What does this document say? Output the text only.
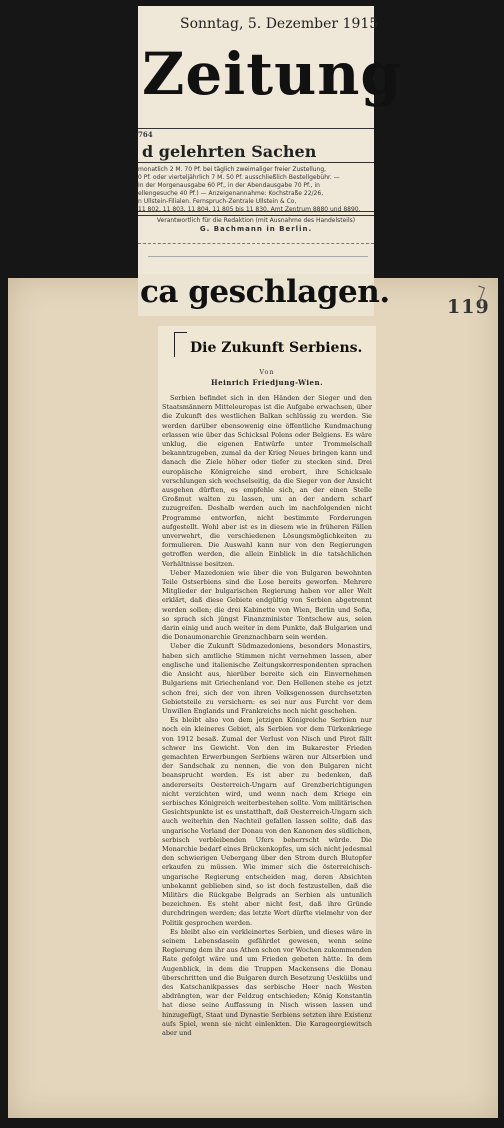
119
Sonntag, 5. Dezember 1915
Zeitung
764
d gelehrten Sachen
monatlich 2 M. 70 Pf. bei täglich zweimaliger freier Zustellung,
0 Pf. oder vierteljährlich 7 M. 50 Pf. ausschließlich Bestellgebühr. —
In der Morgenausgabe 60 Pf., in der Abendausgabe 70 Pf., in
ellengesuche 40 Pf.) — Anzeigenannahme: Kochstraße 22/26,
n Ullstein-Filialen. Fernspruch-Zentrale Ullstein & Co,
11 802, 11 803, 11 804, 11 805 bis 11 830. Amt Zentrum 8880 und 8890.
Verantwortlich für die Redaktion (mit Ausnahme des Handelsteils)
G. Bachmann in Berlin.
ca geschlagen.
Die Zukunft Serbiens.
Von
Heinrich Friedjung-Wien.

Serbien befindet sich in den Händen der Sieger und den Staatsmännern Mitteleuropas ist die Aufgabe erwachsen, über die Zukunft des westlichen Balkan schlüssig zu werden. Sie werden darüber ebensowenig eine öffentliche Kundmachung erlassen wie über das Schicksal Polens oder Belgiens. Es wäre unklug, die eigenen Entwürfe unter Trommelschall bekanntzugeben, zumal da der Krieg Neues bringen kann und danach die Ziele höher oder tiefer zu stecken sind. Drei europäische Königreiche sind erobert, ihre Schicksale verschlungen sich wechselseitig, da die Sieger von der Ansicht ausgehen dürften, es empfehle sich, an der einen Stelle Großmut walten zu lassen, um an der andern scharf zuzugreifen. Deshalb werden auch im nachfolgenden nicht Programme entworfen, nicht bestimmte Forderungen aufgestellt. Wohl aber ist es in diesem wie in früheren Fällen unverwehrt, die verschiedenen Lösungsmöglichkeiten zu formulieren. Die Auswahl kann nur von den Regierungen getroffen werden, die allein Einblick in die tatsächlichen Verhältnisse besitzen.

Ueber Mazedonien wie über die von Bulgaren bewohnten Teile Ostserbiens sind die Lose bereits geworfen. Mehrere Mitglieder der bulgarischen Regierung haben vor aller Welt erklärt, daß diese Gebiete endgültig von Serbien abgetrennt werden sollen; die drei Kabinette von Wien, Berlin und Sofia, so sprach sich jüngst Finanzminister Tontschew aus, seien darin einig und auch weiter in dem Punkte, daß Bulgarien und die Donaumonarchie Grenznachbarn sein werden.

Ueber die Zukunft Südmazedoniens, besonders Monastirs, haben sich amtliche Stimmen nicht vernehmen lassen, aber englische und italienische Zeitungskorrespondenten sprachen die Ansicht aus, hierüber bereite sich ein Einvernehmen Bulgariens mit Griechenland vor. Den Hellenen stehe es jetzt schon frei, sich der von ihren Volksgenossen durchsetzten Gebietsteile zu versichern: es sei nur aus Furcht vor dem Unwillen Englands und Frankreichs noch nicht geschehen.

Es bleibt also von dem jetzigen Königreiche Serbien nur noch ein kleineres Gebiet, als Serbien vor dem Türkenkriege von 1912 besaß. Zumal der Verlust von Nisch und Pirot fällt schwer ins Gewicht. Von den im Bukarester Frieden gemachten Erwerbungen Serbiens wären nur Altserbien und der Sandschak zu nennen, die von den Bulgaren nicht beansprucht werden. Es ist aber zu bedenken, daß andererseits Oesterreich-Ungarn auf Grenzberichtigungen nicht verzichten wird, und wenn nach dem Kriege ein serbisches Königreich weiterbestehen sollte. Vom militärischen Gesichtspunkte ist es unstatthaft, daß Oesterreich-Ungarn sich auch weiterhin den Nachteil gefallen lassen sollte, daß das ungarische Vorland der Donau von den Kanonen des südlichen, serbisch verbleibenden Ufers beherrscht würde. Die Monarchie bedarf eines Brückenkopfes, um sich nicht jedesmal den schwierigen Uebergang über den Strom durch Blutopfer erkaufen zu müssen. Wie immer sich die österreichisch-ungarische Regierung entscheiden mag, deren Absichten unbekannt geblieben sind, so ist doch festzustellen, daß die Militärs die Rückgabe Belgrads an Serbien als untunlich bezeichnen. Es steht aber nicht fest, daß ihre Gründe durchdringen werden; das letzte Wort dürfte vielmehr von der Politik gesprochen werden.

Es bleibt also ein verkleinertes Serbien, und dieses wäre in seinem Lebensdasein gefährdet gewesen, wenn seine Regierung dem ihr aus Athen schon vor Wochen zukommenden Rate gefolgt wäre und um Frieden gebeten hätte. In dem Augenblick, in dem die Truppen Mackensens die Donau überschritten und die Bulgaren durch Besetzung Uesküibs und des Katschanikpasses das serbische Heer nach Westen abdrängten, war der Feldzug entschieden; König Konstantin hat diese seine Auffassung in Nisch wissen lassen und hinzugefügt, Staat und Dynastie Serbiens setzten ihre Existenz aufs Spiel, wenn sie nicht einlenkten. Die Karageorgiewitsch aber und
